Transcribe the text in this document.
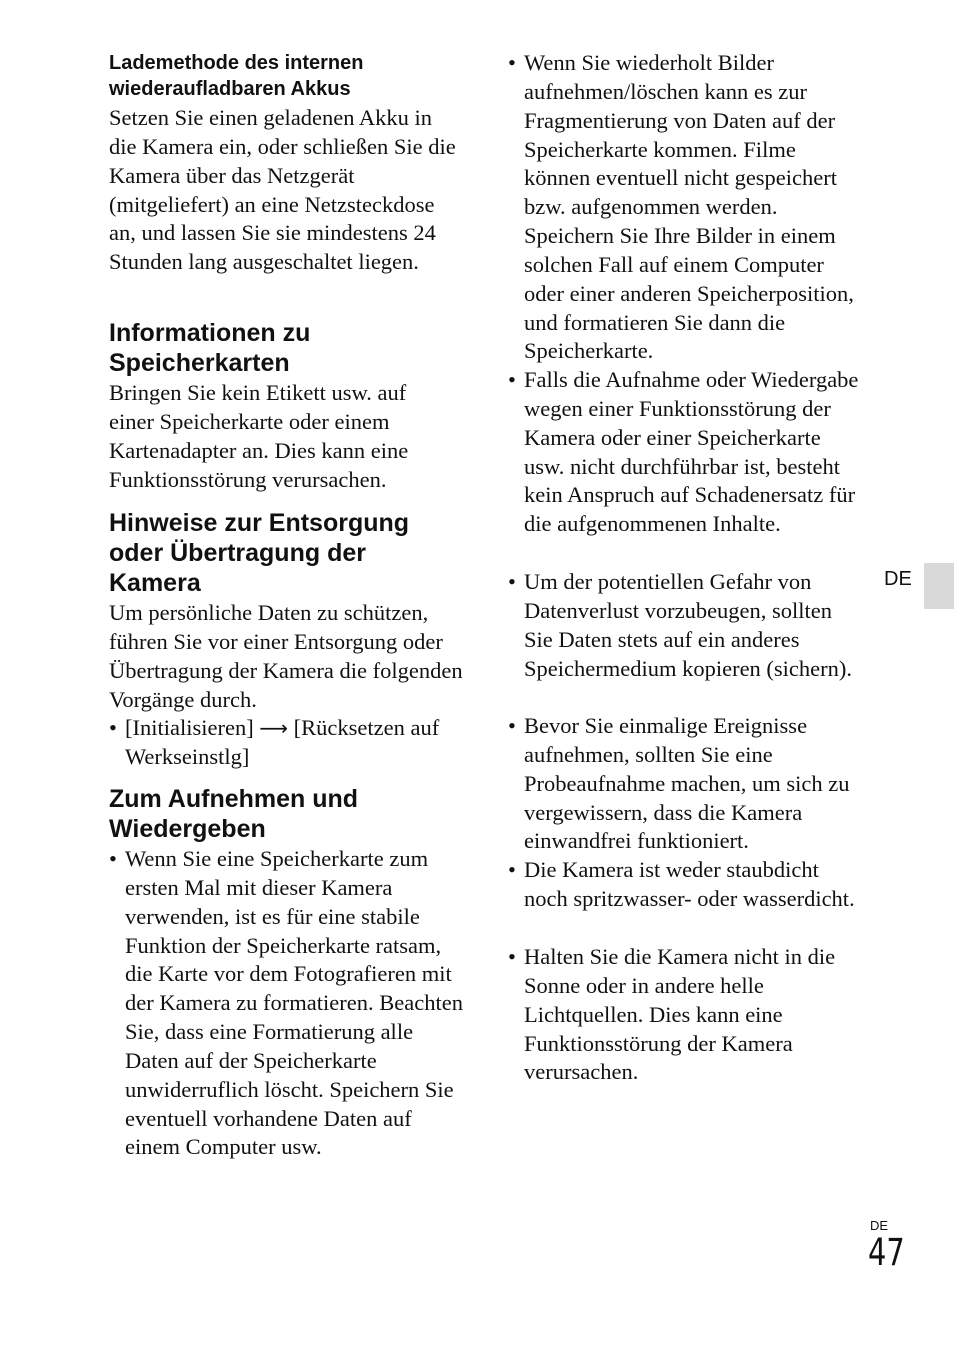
Lademethode des internen wiederaufladbaren Akkus
Setzen Sie einen geladenen Akku in die Kamera ein, oder schließen Sie die Kamera über das Netzgerät (mitgeliefert) an eine Netzsteckdose an, und lassen Sie sie mindestens 24 Stunden lang ausgeschaltet liegen.
Informationen zu Speicherkarten
Bringen Sie kein Etikett usw. auf einer Speicherkarte oder einem Kartenadapter an. Dies kann eine Funktionsstörung verursachen.
Hinweise zur Entsorgung oder Übertragung der Kamera
Um persönliche Daten zu schützen, führen Sie vor einer Entsorgung oder Übertragung der Kamera die folgenden Vorgänge durch.
• [Initialisieren] ⟶ [Rücksetzen auf Werkseinstlg]
Zum Aufnehmen und Wiedergeben
• Wenn Sie eine Speicherkarte zum ersten Mal mit dieser Kamera verwenden, ist es für eine stabile Funktion der Speicherkarte ratsam, die Karte vor dem Fotografieren mit der Kamera zu formatieren. Beachten Sie, dass eine Formatierung alle Daten auf der Speicherkarte unwiderruflich löscht. Speichern Sie eventuell vorhandene Daten auf einem Computer usw.
• Wenn Sie wiederholt Bilder aufnehmen/löschen kann es zur Fragmentierung von Daten auf der Speicherkarte kommen. Filme können eventuell nicht gespeichert bzw. aufgenommen werden. Speichern Sie Ihre Bilder in einem solchen Fall auf einem Computer oder einer anderen Speicherposition, und formatieren Sie dann die Speicherkarte.
• Falls die Aufnahme oder Wiedergabe wegen einer Funktionsstörung der Kamera oder einer Speicherkarte usw. nicht durchführbar ist, besteht kein Anspruch auf Schadenersatz für die aufgenommenen Inhalte.
• Um der potentiellen Gefahr von Datenverlust vorzubeugen, sollten Sie Daten stets auf ein anderes Speichermedium kopieren (sichern).
• Bevor Sie einmalige Ereignisse aufnehmen, sollten Sie eine Probeaufnahme machen, um sich zu vergewissern, dass die Kamera einwandfrei funktioniert.
• Die Kamera ist weder staubdicht noch spritzwasser- oder wasserdicht.
• Halten Sie die Kamera nicht in die Sonne oder in andere helle Lichtquellen. Dies kann eine Funktionsstörung der Kamera verursachen.
DE
DE
47
